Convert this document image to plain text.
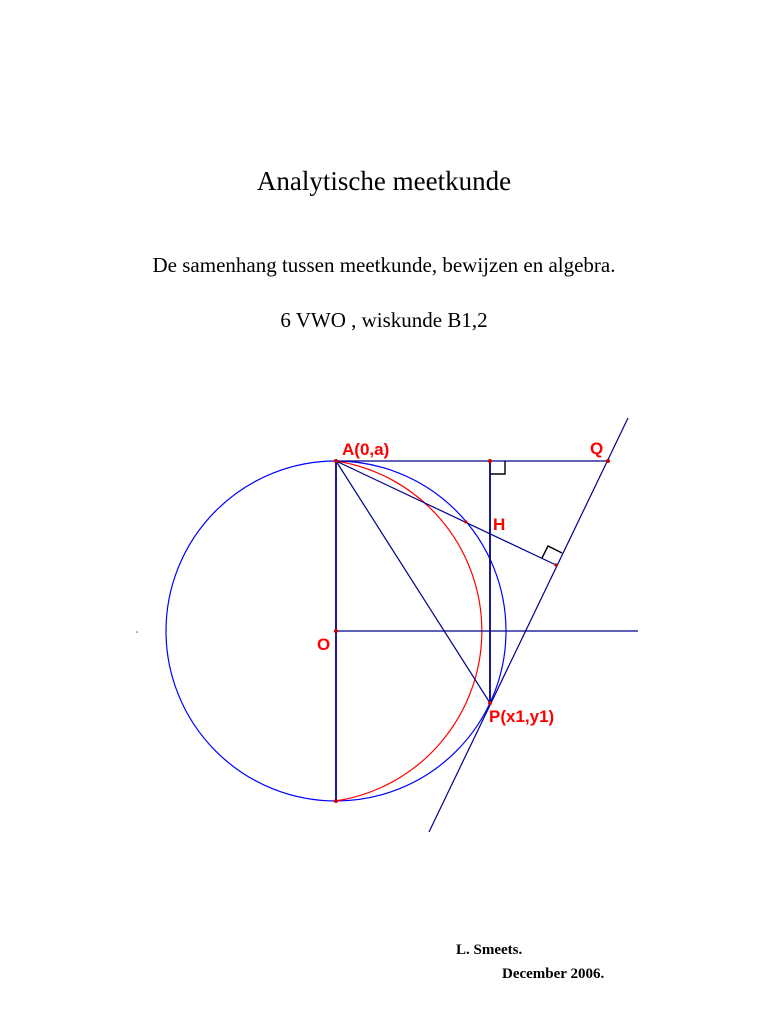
Analytische meetkunde
De samenhang tussen meetkunde, bewijzen en algebra.
6 VWO , wiskunde B1,2
A(0,a)	Q
H
O
P(x1,y1)
L. Smeets.
December 2006.
